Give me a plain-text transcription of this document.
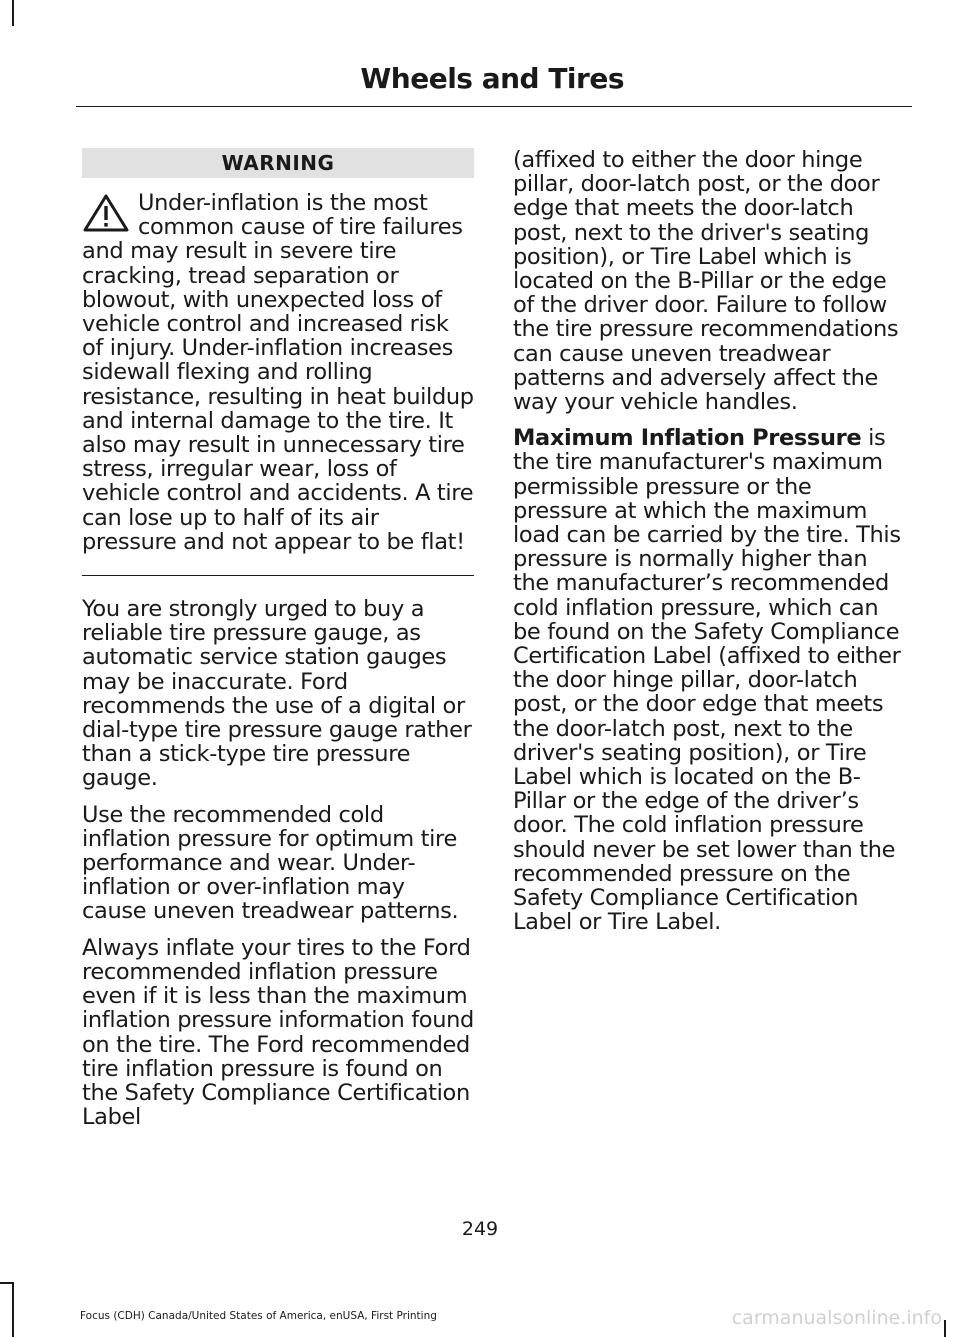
Wheels and Tires
WARNING
Under-inflation is the most common cause of tire failures and may result in severe tire cracking, tread separation or blowout, with unexpected loss of vehicle control and increased risk of injury. Under-inflation increases sidewall flexing and rolling resistance, resulting in heat buildup and internal damage to the tire. It also may result in unnecessary tire stress, irregular wear, loss of vehicle control and accidents. A tire can lose up to half of its air pressure and not appear to be flat!

You are strongly urged to buy a reliable tire pressure gauge, as automatic service station gauges may be inaccurate. Ford recommends the use of a digital or dial-type tire pressure gauge rather than a stick-type tire pressure gauge.

Use the recommended cold inflation pressure for optimum tire performance and wear. Under-inflation or over-inflation may cause uneven treadwear patterns.

Always inflate your tires to the Ford recommended inflation pressure even if it is less than the maximum inflation pressure information found on the tire. The Ford recommended tire inflation pressure is found on the Safety Compliance Certification Label

(affixed to either the door hinge pillar, door-latch post, or the door edge that meets the door-latch post, next to the driver's seating position), or Tire Label which is located on the B-Pillar or the edge of the driver door. Failure to follow the tire pressure recommendations can cause uneven treadwear patterns and adversely affect the way your vehicle handles.

Maximum Inflation Pressure is the tire manufacturer's maximum permissible pressure or the pressure at which the maximum load can be carried by the tire. This pressure is normally higher than the manufacturer’s recommended cold inflation pressure, which can be found on the Safety Compliance Certification Label (affixed to either the door hinge pillar, door-latch post, or the door edge that meets the door-latch post, next to the driver's seating position), or Tire Label which is located on the B-Pillar or the edge of the driver’s door. The cold inflation pressure should never be set lower than the recommended pressure on the Safety Compliance Certification Label or Tire Label.

249
Focus (CDH) Canada/United States of America, enUSA, First Printing	carmanualsonline.info
